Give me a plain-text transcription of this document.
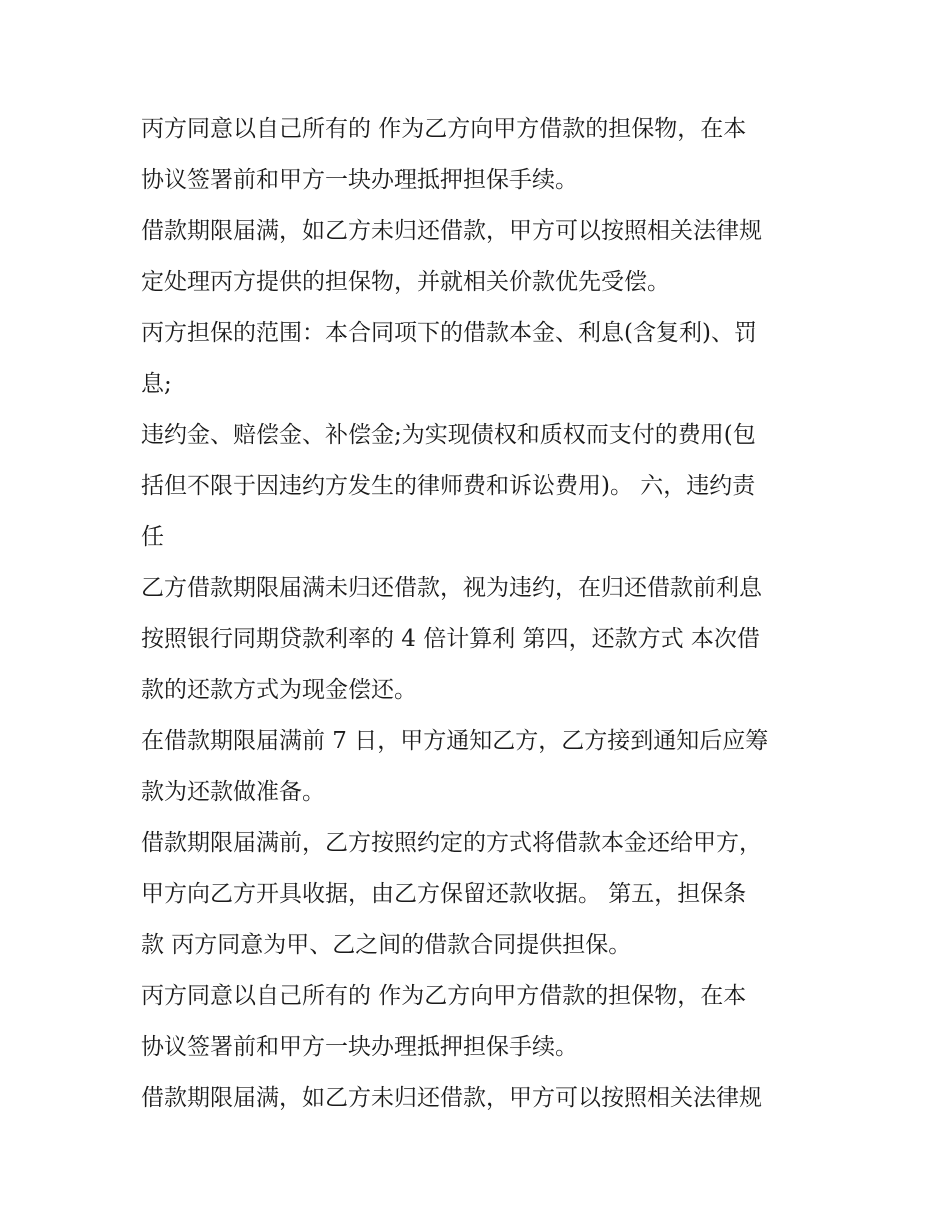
丙方同意以自己所有的 作为乙方向甲方借款的担保物，在本
协议签署前和甲方一块办理抵押担保手续。
借款期限届满，如乙方未归还借款，甲方可以按照相关法律规
定处理丙方提供的担保物，并就相关价款优先受偿。
丙方担保的范围：本合同项下的借款本金、利息(含复利)、罚
息;
违约金、赔偿金、补偿金;为实现债权和质权而支付的费用(包
括但不限于因违约方发生的律师费和诉讼费用)。 六，违约责
任
乙方借款期限届满未归还借款，视为违约，在归还借款前利息
按照银行同期贷款利率的 4 倍计算利 第四，还款方式 本次借
款的还款方式为现金偿还。
在借款期限届满前 7 日，甲方通知乙方，乙方接到通知后应筹
款为还款做准备。
借款期限届满前，乙方按照约定的方式将借款本金还给甲方，
甲方向乙方开具收据，由乙方保留还款收据。 第五，担保条
款 丙方同意为甲、乙之间的借款合同提供担保。
丙方同意以自己所有的 作为乙方向甲方借款的担保物，在本
协议签署前和甲方一块办理抵押担保手续。
借款期限届满，如乙方未归还借款，甲方可以按照相关法律规
